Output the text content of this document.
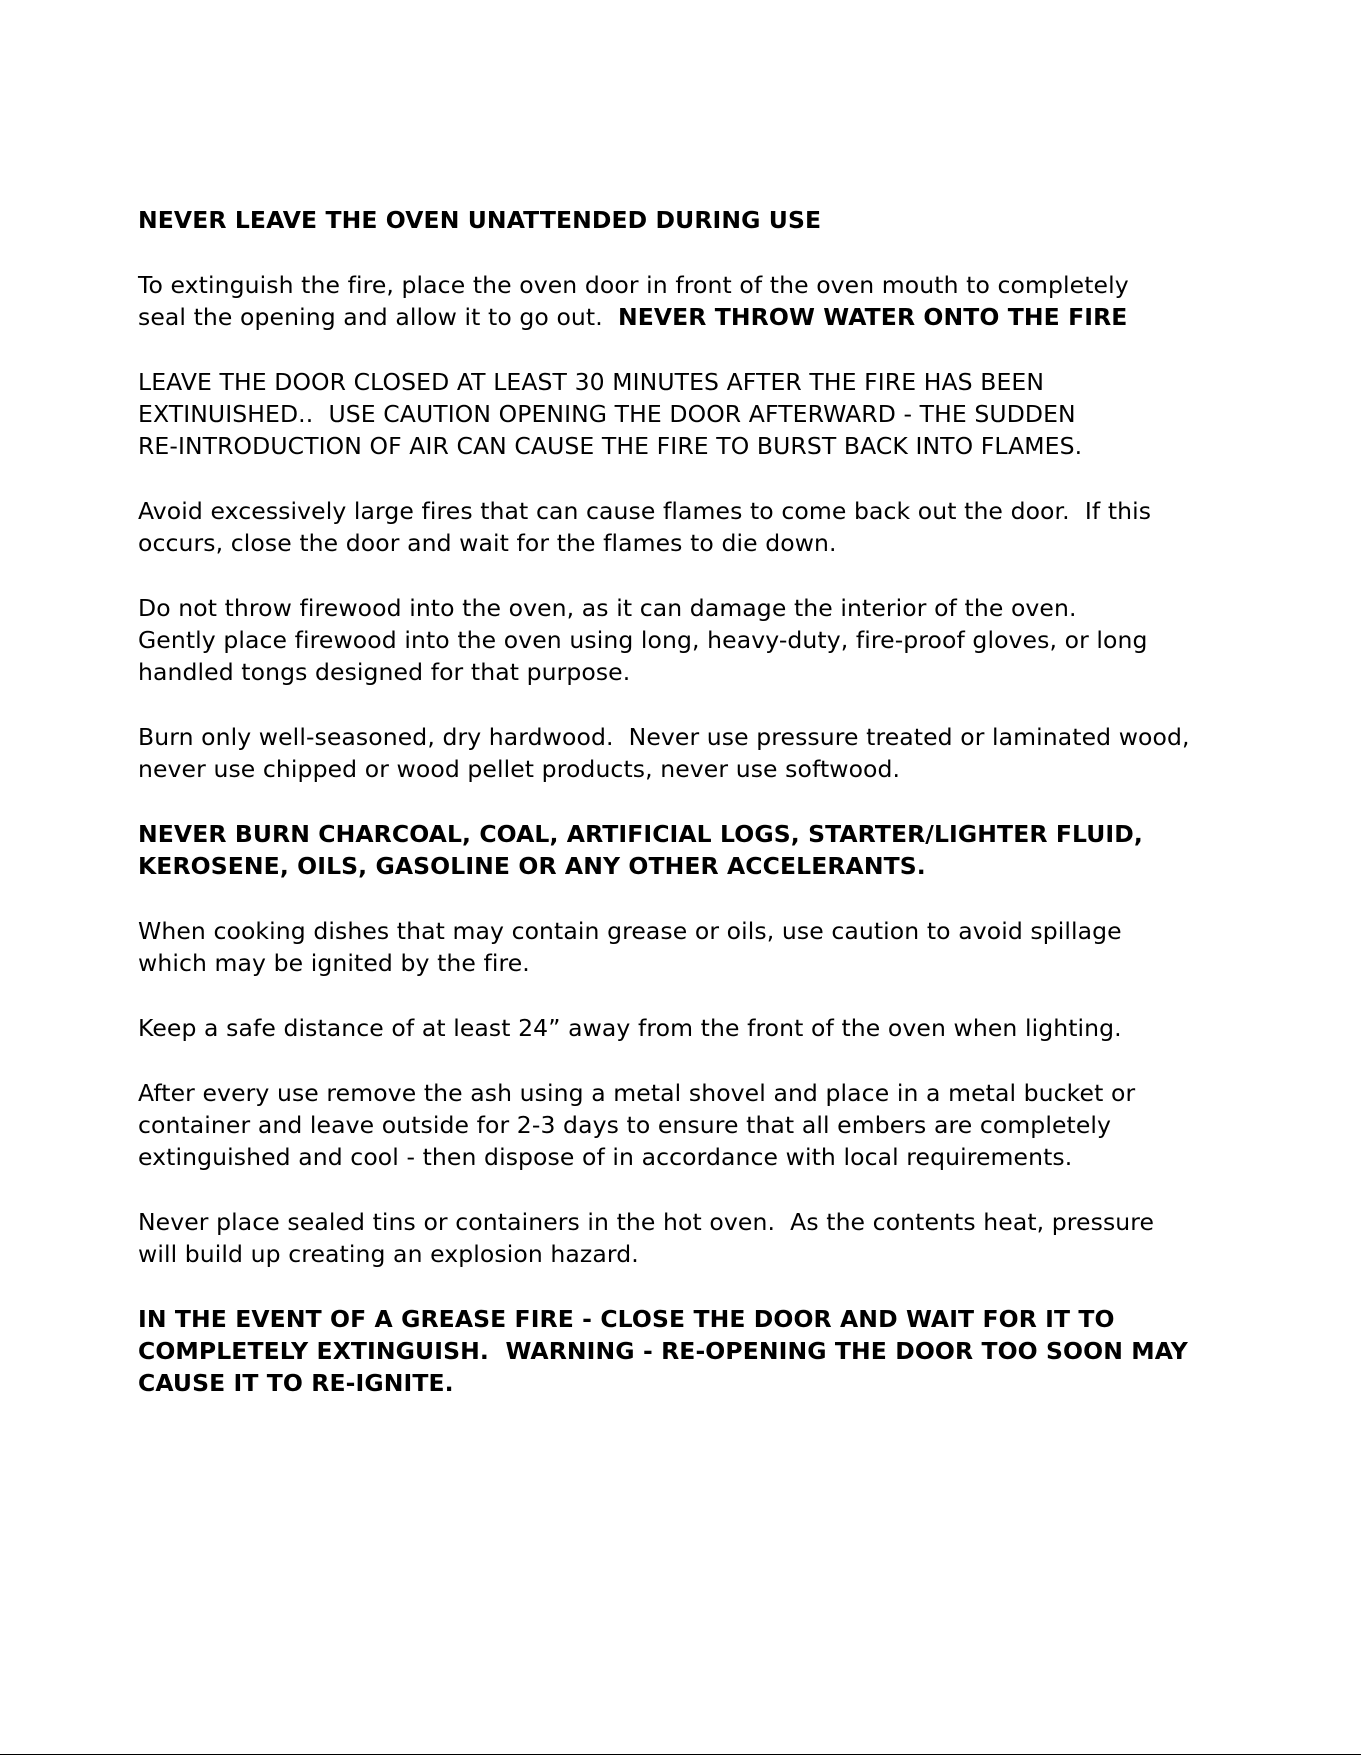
NEVER LEAVE THE OVEN UNATTENDED DURING USE

To extinguish the fire, place the oven door in front of the oven mouth to completely
seal the opening and allow it to go out.  NEVER THROW WATER ONTO THE FIRE

LEAVE THE DOOR CLOSED AT LEAST 30 MINUTES AFTER THE FIRE HAS BEEN
EXTINUISHED..  USE CAUTION OPENING THE DOOR AFTERWARD - THE SUDDEN
RE-INTRODUCTION OF AIR CAN CAUSE THE FIRE TO BURST BACK INTO FLAMES.

Avoid excessively large fires that can cause flames to come back out the door.  If this
occurs, close the door and wait for the flames to die down.

Do not throw firewood into the oven, as it can damage the interior of the oven.
Gently place firewood into the oven using long, heavy-duty, fire-proof gloves, or long
handled tongs designed for that purpose.

Burn only well-seasoned, dry hardwood.  Never use pressure treated or laminated wood,
never use chipped or wood pellet products, never use softwood.

NEVER BURN CHARCOAL, COAL, ARTIFICIAL LOGS, STARTER/LIGHTER FLUID,
KEROSENE, OILS, GASOLINE OR ANY OTHER ACCELERANTS.

When cooking dishes that may contain grease or oils, use caution to avoid spillage
which may be ignited by the fire.

Keep a safe distance of at least 24” away from the front of the oven when lighting.

After every use remove the ash using a metal shovel and place in a metal bucket or
container and leave outside for 2-3 days to ensure that all embers are completely
extinguished and cool - then dispose of in accordance with local requirements.

Never place sealed tins or containers in the hot oven.  As the contents heat, pressure
will build up creating an explosion hazard.

IN THE EVENT OF A GREASE FIRE - CLOSE THE DOOR AND WAIT FOR IT TO
COMPLETELY EXTINGUISH.  WARNING - RE-OPENING THE DOOR TOO SOON MAY
CAUSE IT TO RE-IGNITE.
